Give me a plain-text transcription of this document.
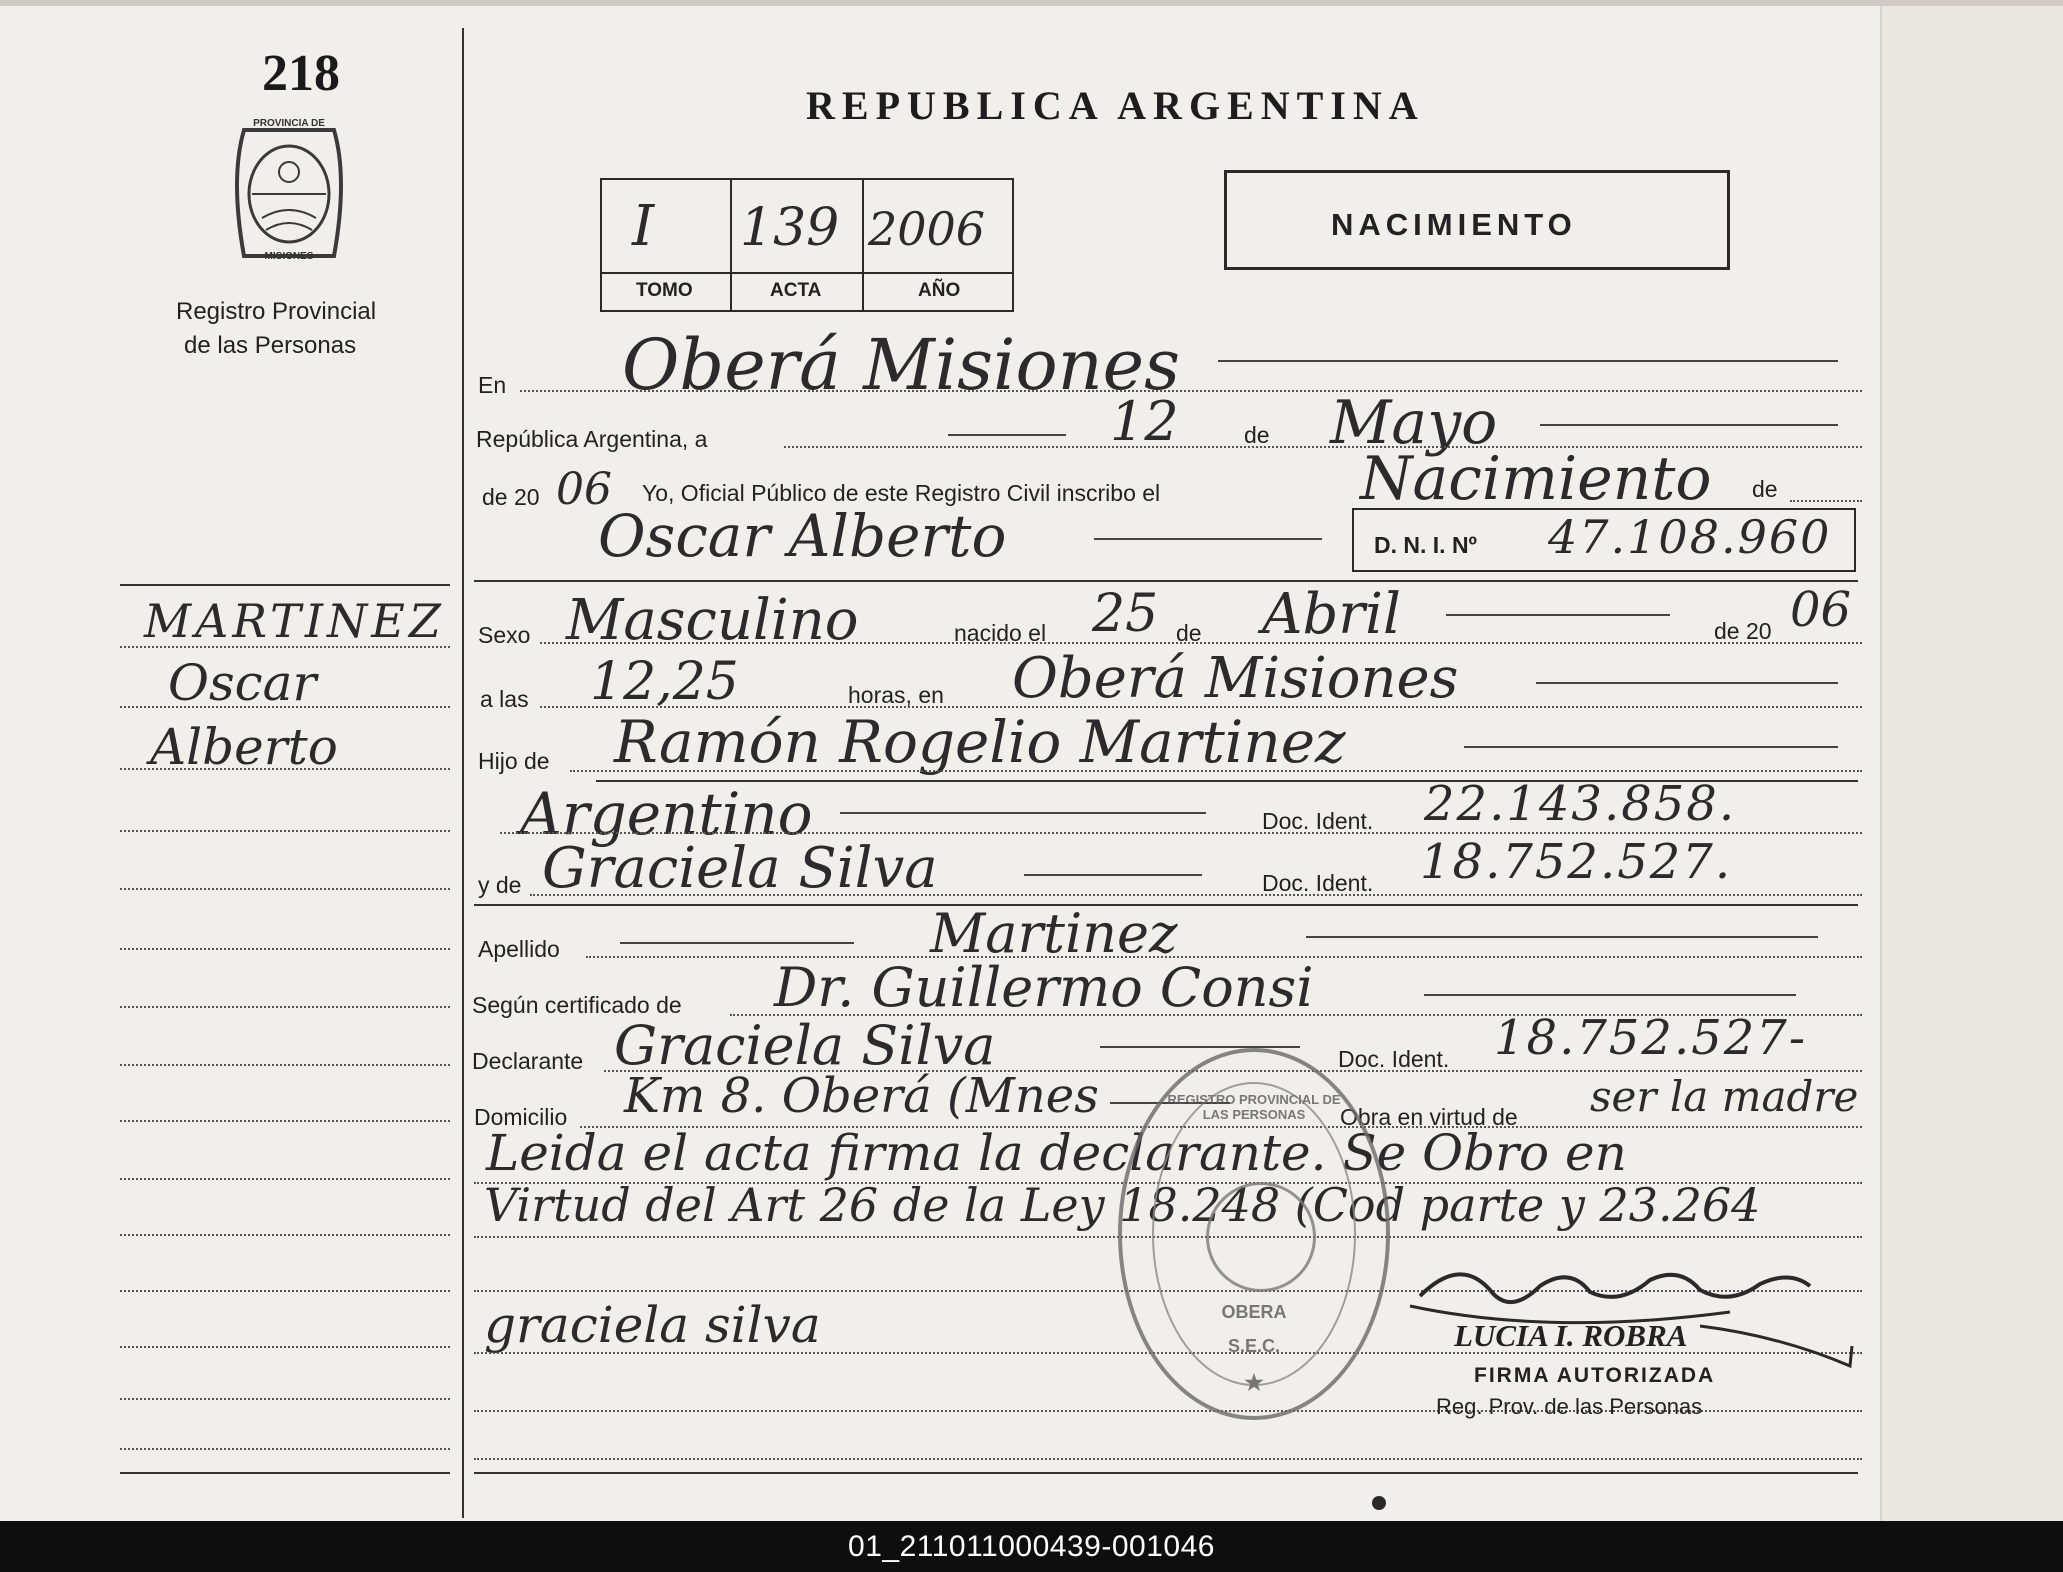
218
PROVINCIA DE
MISIONES
Registro Provincial
de las Personas
MARTINEZ
Oscar
Alberto
REPUBLICA ARGENTINA
I 139 2006
TOMO	ACTA	AÑO
NACIMIENTO
En Oberá Misiones
República Argentina, a	12	de Mayo
de 20 06 Yo, Oficial Público de este Registro Civil inscribo el	Nacimiento de
Oscar Alberto	D. N. I. Nº 47.108.960
Sexo Masculino	nacido el 25 de Abril	de 20 06
a las 12,25	horas, en Oberá Misiones
Hijo de Ramón Rogelio Martinez
Argentino	Doc. Ident. 22.143.858.
y de Graciela Silva	Doc. Ident. 18.752.527.
Apellido	Martinez
Según certificado de Dr. Guillermo Consi
Declarante Graciela Silva	Doc. Ident. 18.752.527-
Domicilio Km 8. Oberá (Mnes	Obra en virtud de ser la madre
Leida el acta firma la declarante. Se Obro en
Virtud del Art 26 de la Ley 18.248 (Cod parte y 23.264
graciela silva
REGISTRO PROVINCIAL DE LAS PERSONAS
OBERA
S.E.C.
★
LUCIA I. ROBRA
FIRMA AUTORIZADA
Reg. Prov. de las Personas
01_211011000439-001046
